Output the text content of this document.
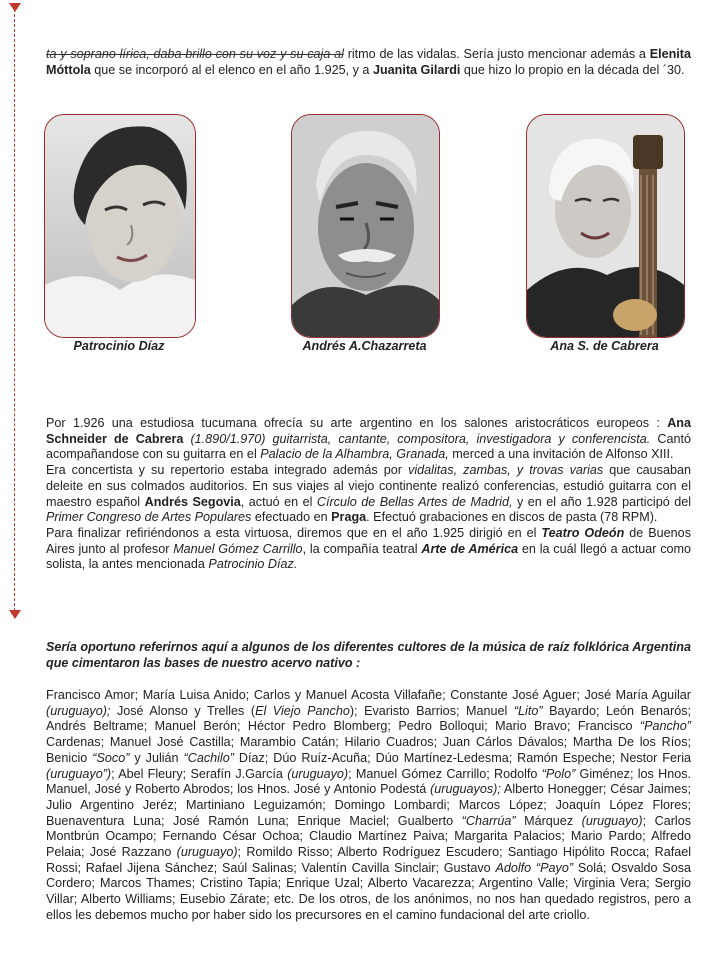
ta y soprano lírica, daba brillo con su voz y su caja al ritmo de las vidalas. Sería justo mencionar además a Elenita Móttola que se incorporó al el elenco en el año 1.925, y a Juanita Gilardi que hizo lo propio en la década del ´30.

Patrocinio Díaz	Andrés A.Chazarreta	Ana S. de Cabrera
Por 1.926 una estudiosa tucumana ofrecía su arte argentino en los salones aristocráticos europeos : Ana Schneider de Cabrera (1.890/1.970) guitarrista, cantante, compositora, investigadora y conferencista. Cantó acompañandose con su guitarra en el Palacio de la Alhambra, Granada, merced a una invitación de Alfonso XIII.
Era concertista y su repertorio estaba integrado además por vidalitas, zambas, y trovas varias que causaban deleite en sus colmados auditorios. En sus viajes al viejo continente realizó conferencias, estudió guitarra con el maestro español Andrés Segovia, actuó en el Círculo de Bellas Artes de Madrid, y en el año 1.928 participó del Primer Congreso de Artes Populares efectuado en Praga. Efectuó grabaciones en discos de pasta (78 RPM).
Para finalizar refiriéndonos a esta virtuosa, diremos que en el año 1.925 dirigió en el Teatro Odeón de Buenos Aires junto al profesor Manuel Gómez Carrillo, la compañía teatral Arte de América en la cuál llegó a actuar como solista, la antes mencionada Patrocinio Díaz.
Sería oportuno referirnos aquí a algunos de los diferentes cultores de la música de raíz folklórica Argentina que cimentaron las bases de nuestro acervo nativo :
Francisco Amor; María Luisa Anido; Carlos y Manuel Acosta Villafañe; Constante José Aguer; José María Aguilar (uruguayo); José Alonso y Trelles (El Viejo Pancho); Evaristo Barrios; Manuel “Lito” Bayardo; León Benarós; Andrés Beltrame; Manuel Berón; Héctor Pedro Blomberg; Pedro Bolloqui; Mario Bravo; Francisco “Pancho” Cardenas; Manuel José Castilla; Marambio Catán; Hilario Cuadros; Juan Cárlos Dávalos; Martha De los Ríos; Benicio “Soco” y Julián “Cachilo” Díaz; Dúo Ruíz-Acuña; Dúo Martínez-Ledesma; Ramón Espeche; Nestor Feria (uruguayo”); Abel Fleury; Serafín J.García (uruguayo); Manuel Gómez Carrillo; Rodolfo “Polo” Giménez; los Hnos. Manuel, José y Roberto Abrodos; los Hnos. José y Antonio Podestá (uruguayos); Alberto Honegger; César Jaimes; Julio Argentino Jeréz; Martiniano Leguizamón; Domingo Lombardi; Marcos López; Joaquín López Flores; Buenaventura Luna; José Ramón Luna; Enrique Maciel; Gualberto “Charrúa” Márquez (uruguayo); Carlos Montbrún Ocampo; Fernando César Ochoa; Claudio Martínez Paiva; Margarita Palacios; Mario Pardo; Alfredo Pelaia; José Razzano (uruguayo); Romildo Risso; Alberto Rodríguez Escudero; Santiago Hipólito Rocca; Rafael Rossi; Rafael Jijena Sánchez; Saúl Salinas; Valentín Cavilla Sinclair; Gustavo Adolfo “Payo” Solá; Osvaldo Sosa Cordero; Marcos Thames; Cristino Tapia; Enrique Uzal; Alberto Vacarezza; Argentino Valle; Virginia Vera; Sergio Villar; Alberto Williams; Eusebio Zárate; etc. De los otros, de los anónimos, no nos han quedado registros, pero a ellos les debemos mucho por haber sido los precursores en el camino fundacional del arte criollo.
